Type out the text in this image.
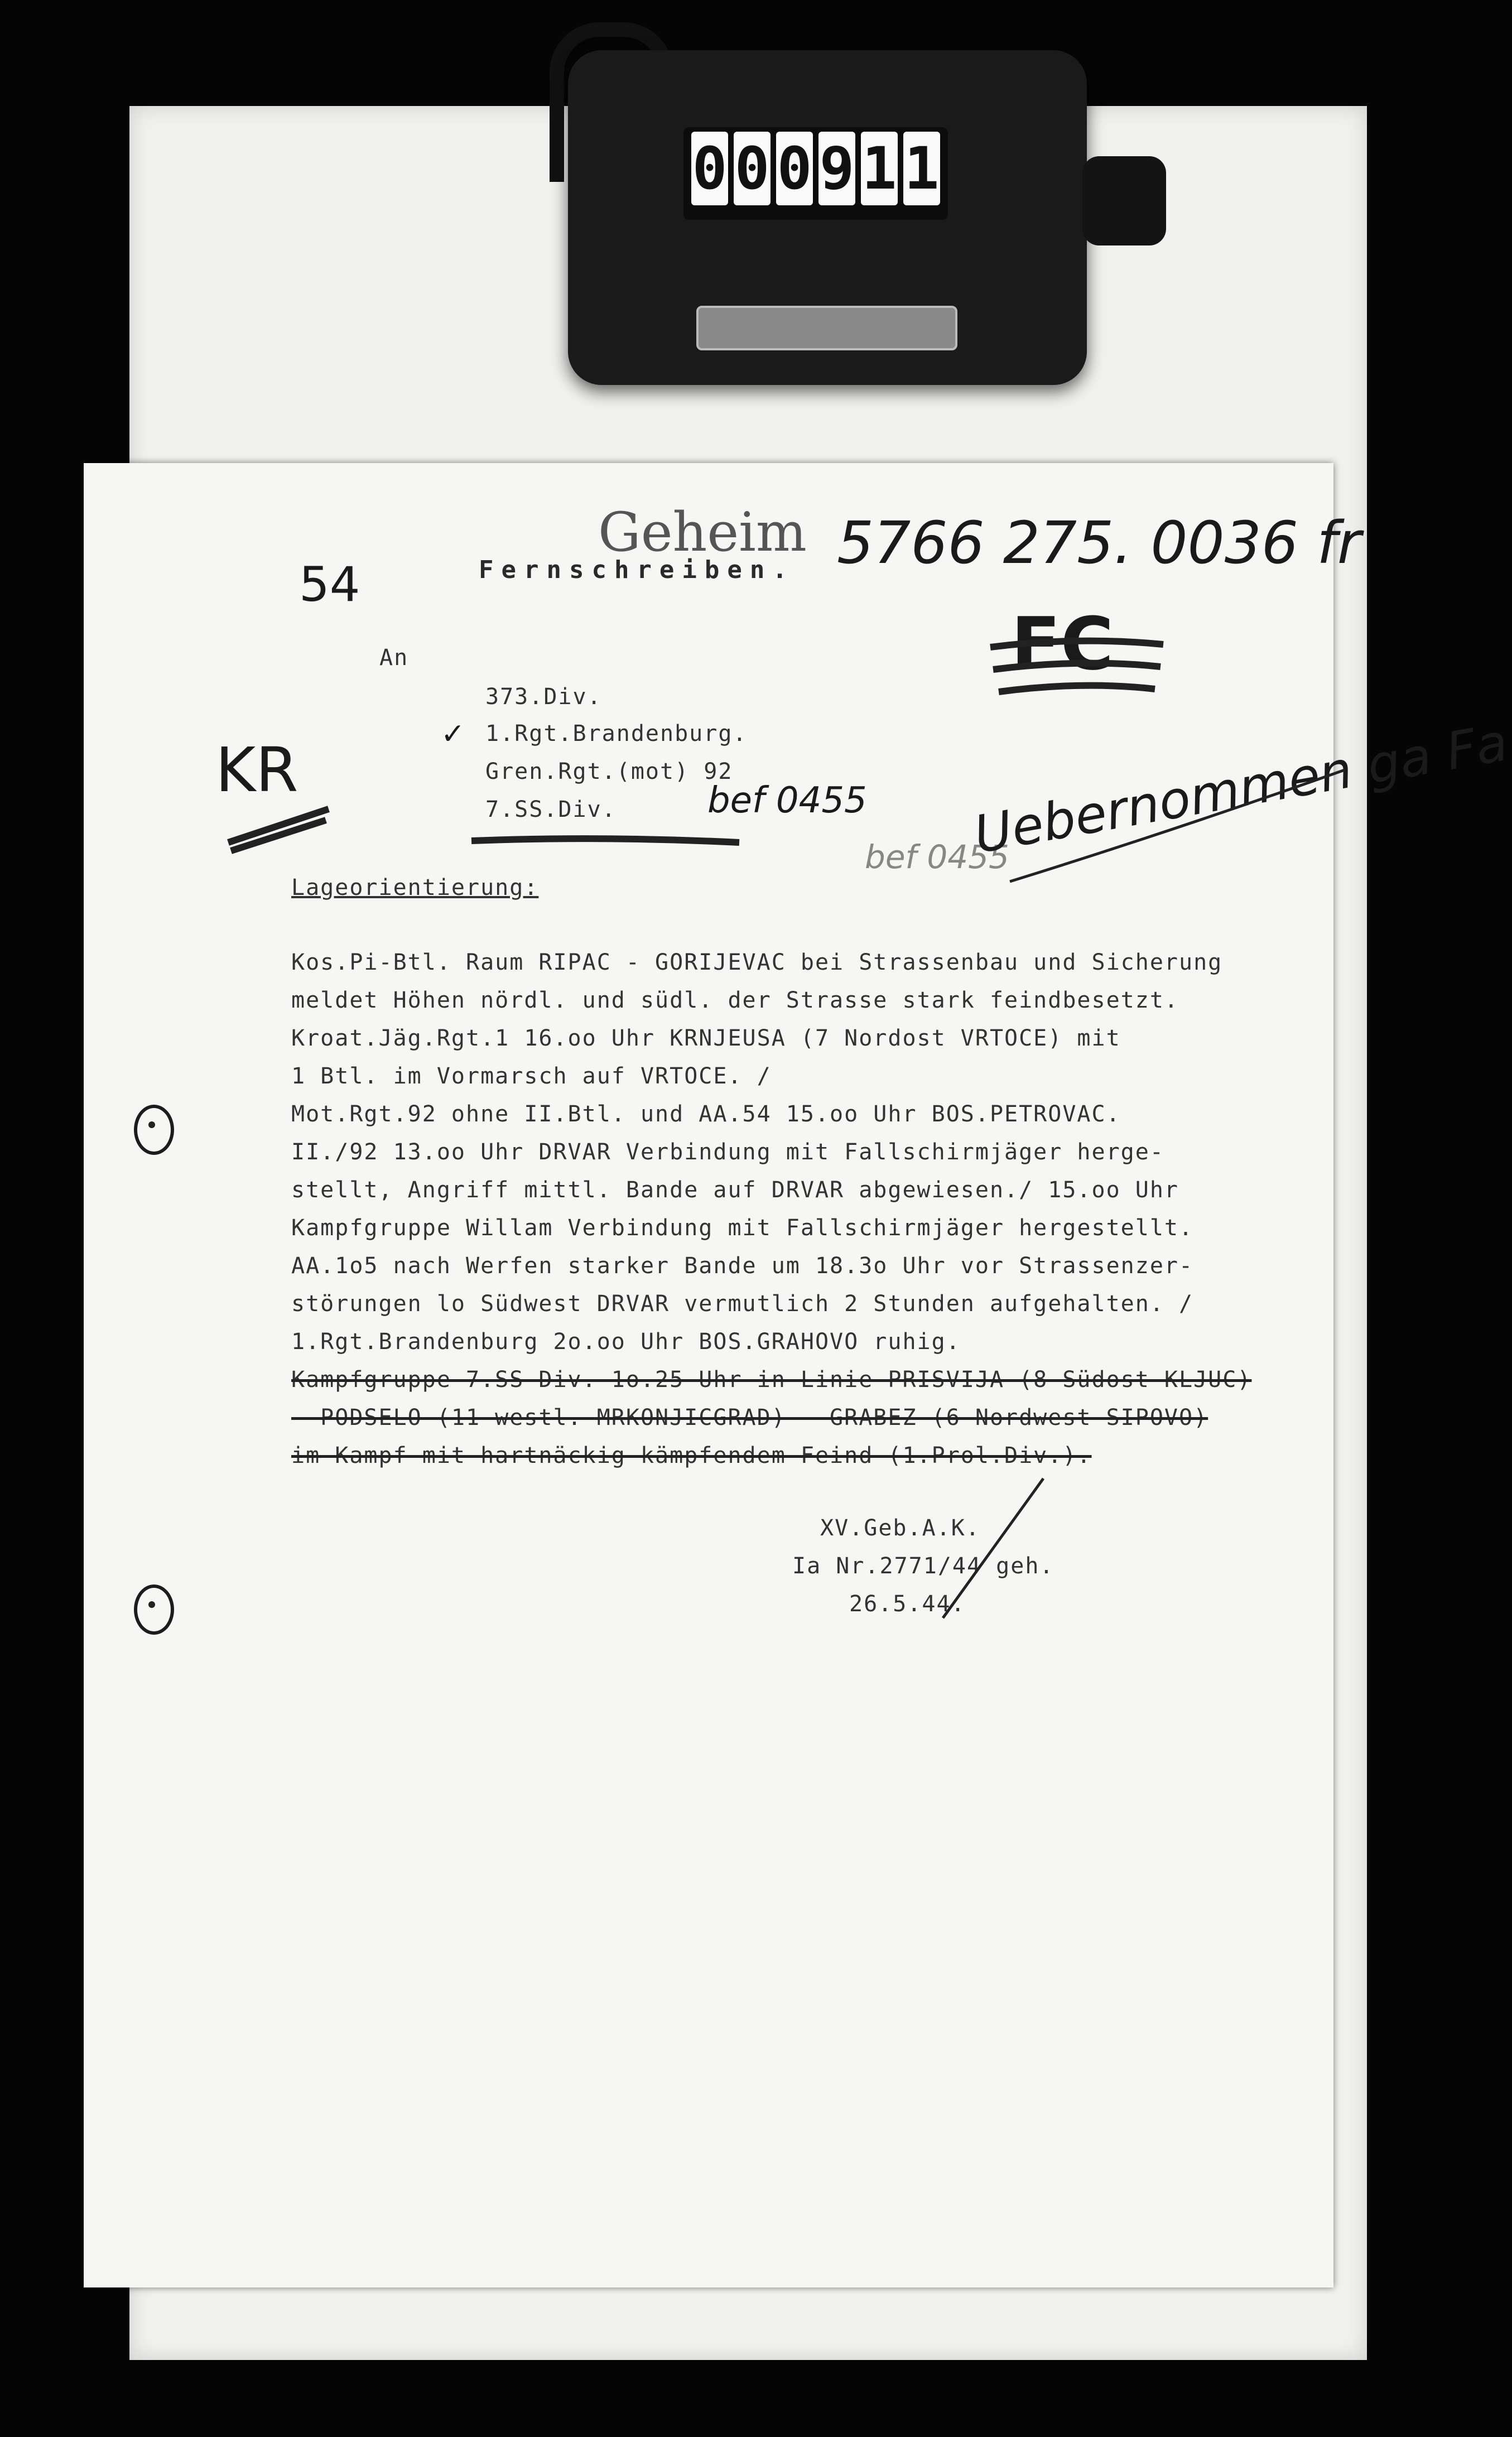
0 0 0 9 1 1
Geheim
Fernschreiben. 5766 275. 0036 fr
54
An
373.Div.
1.Rgt.Brandenburg.
Gren.Rgt.(mot) 92
7.SS.Div.
✓
KR
FC
bef 0455
bef 0455
Uebernommen ga Fa
Lageorientierung:
Kos.Pi-Btl. Raum RIPAC - GORIJEVAC bei Strassenbau und Sicherung
meldet Höhen nördl. und südl. der Strasse stark feindbesetzt.
Kroat.Jäg.Rgt.1 16.oo Uhr KRNJEUSA (7 Nordost VRTOCE) mit
1 Btl. im Vormarsch auf VRTOCE. /
Mot.Rgt.92 ohne II.Btl. und AA.54 15.oo Uhr BOS.PETROVAC.
II./92 13.oo Uhr DRVAR Verbindung mit Fallschirmjäger herge-
stellt, Angriff mittl. Bande auf DRVAR abgewiesen./ 15.oo Uhr
Kampfgruppe Willam Verbindung mit Fallschirmjäger hergestellt.
AA.1o5 nach Werfen starker Bande um 18.3o Uhr vor Strassenzer-
störungen lo Südwest DRVAR vermutlich 2 Stunden aufgehalten. /
1.Rgt.Brandenburg 2o.oo Uhr BOS.GRAHOVO ruhig.
Kampfgruppe 7.SS-Div. 1o.25 Uhr in Linie PRISVIJA (8 Südost KLJUC)
- PODSELO (11 westl. MRKONJICGRAD) - GRABEZ (6 Nordwest SIPOVO)
im Kampf mit hartnäckig kämpfendem Feind (1.Prol.Div.).
XV.Geb.A.K.
Ia Nr.2771/44 geh.
26.5.44.
